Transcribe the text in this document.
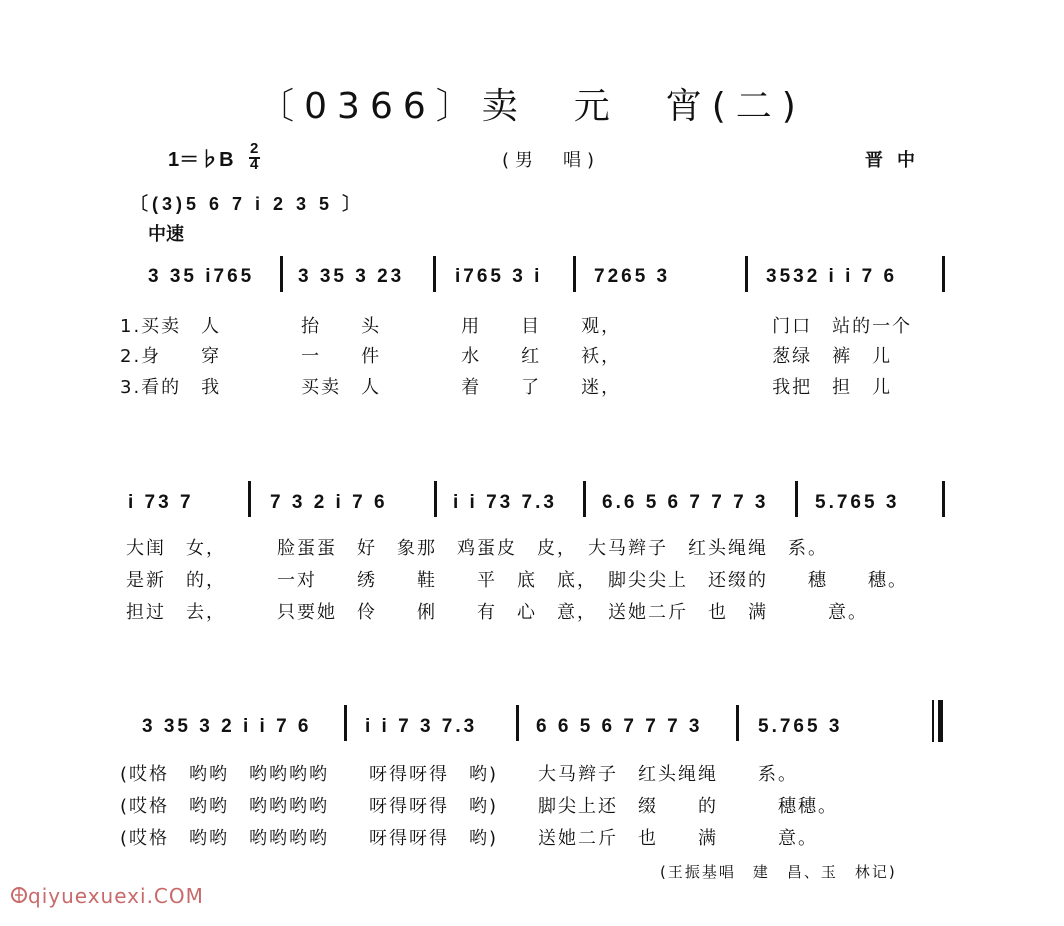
〔0366〕卖　元　宵(二)
1＝♭B
2
4	(男　唱)	晋中
〔(3)5 6 7 i 2 3 5 〕
中速
3 35 i765 3 35 3 23	i765 3 i	7265 3	3532 i i 7 6
1.买卖　人　　　　抬　　头　　　　用　　目　　观，　　　　　　　　门口　站的一个
2.身　　穿　　　　一　　件　　　　水　　红　　袄，　　　　　　　　葱绿　裤　儿
3.看的　我　　　　买卖　人　　　　着　　了　　迷，　　　　　　　　我把　担　儿
i 73 7	7 3 2 i 7 6	i i 73 7.3 6.6 5 6 7 7 7 3 5.765 3
大闺　女，　　　脸蛋蛋　好　象那　鸡蛋皮　皮，　大马辫子　红头绳绳　系。
是新　的，　　　一对　　绣　　鞋　　平　底　底，　脚尖尖上　还缀的　　穗　　穗。
担过　去，　　　只要她　伶　　俐　　有　心　意，　送她二斤　也　满　　　意。
3 35 3 2 i i 7 6	i i 7 3 7.3	6 6 5 6 7 7 7 3	5.765 3
(哎格　哟哟　哟哟哟哟　　呀得呀得　哟)　　大马辫子　红头绳绳　　系。
(哎格　哟哟　哟哟哟哟　　呀得呀得　哟)　　脚尖上还　缀　　的　　　穗穗。
(哎格　哟哟　哟哟哟哟　　呀得呀得　哟)　　送她二斤　也　　满　　　意。
(王振基唱　建　昌、玉　林记)
qiyuexuexi.COM
